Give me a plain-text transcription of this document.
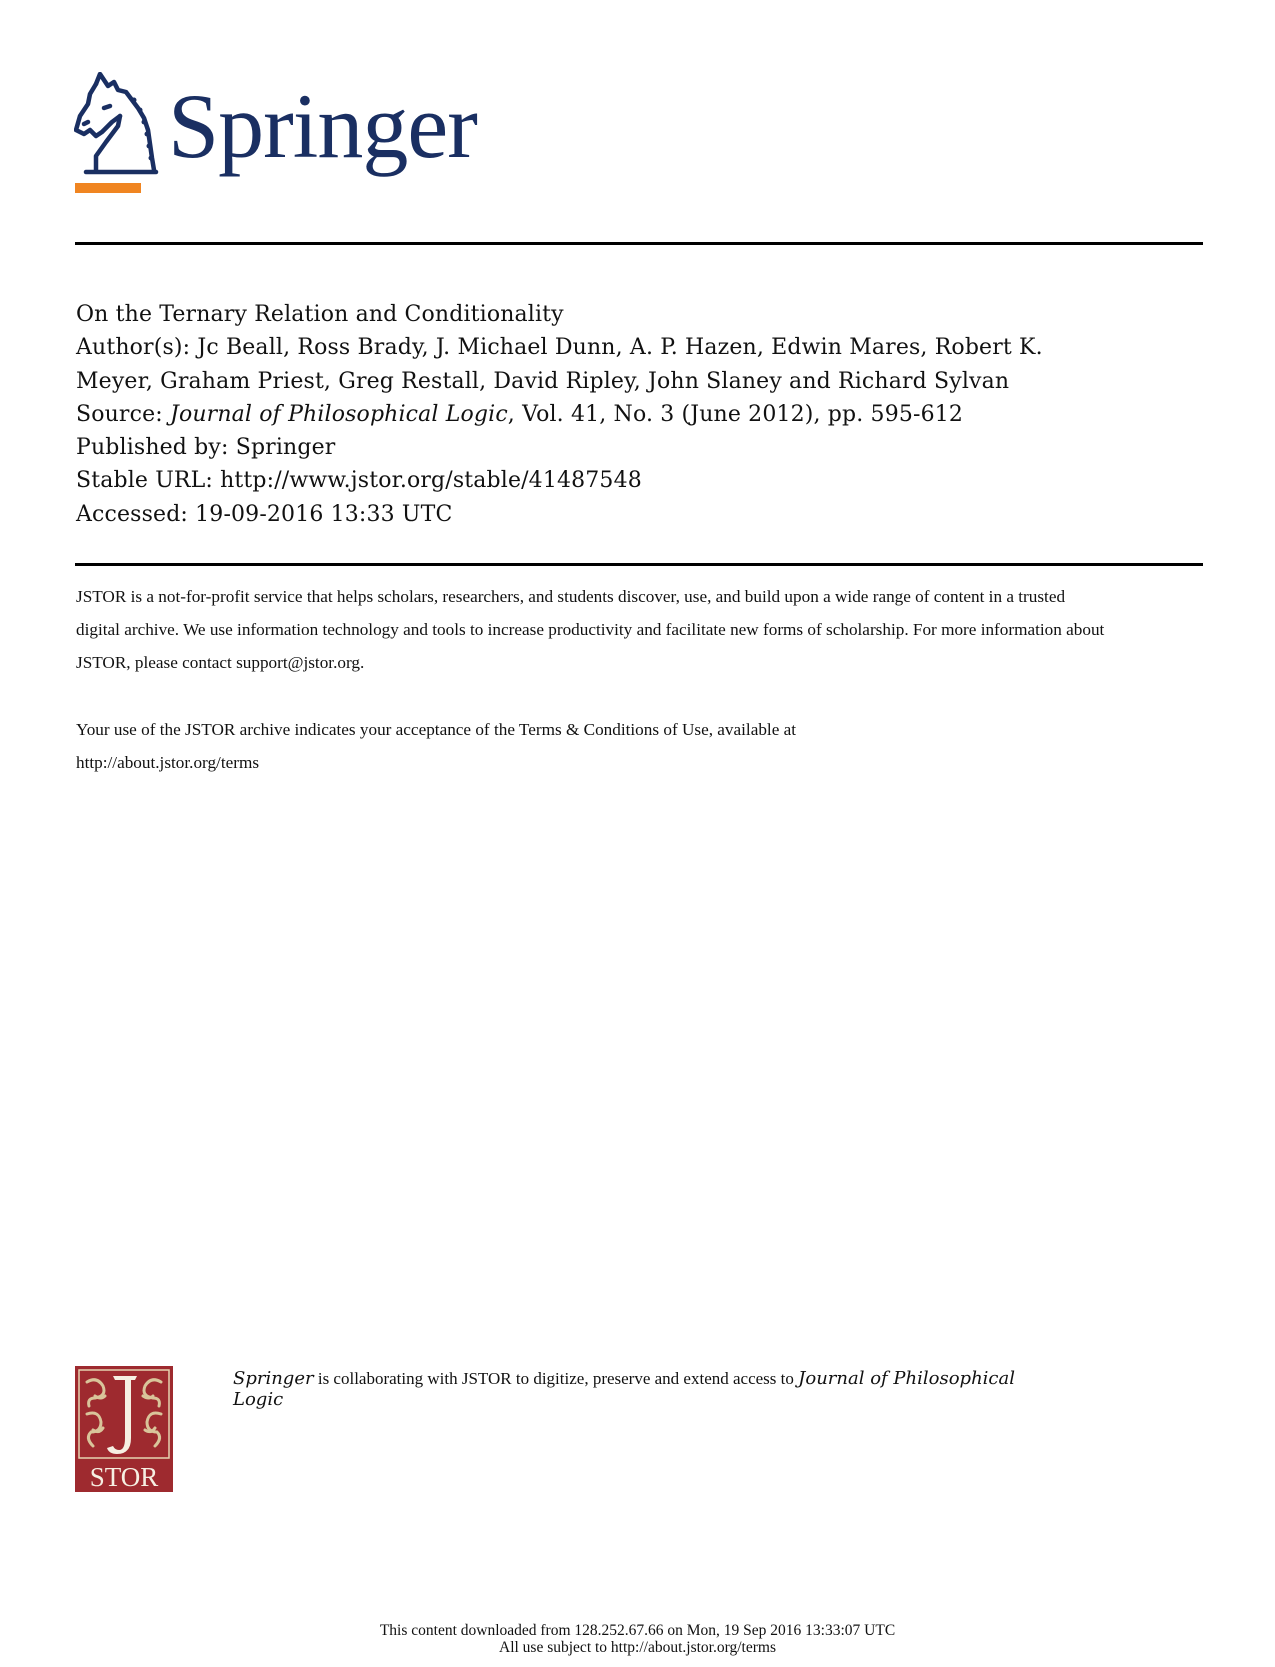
Springer
On the Ternary Relation and Conditionality
Author(s): Jc Beall, Ross Brady, J. Michael Dunn, A. P. Hazen, Edwin Mares, Robert K.
Meyer, Graham Priest, Greg Restall, David Ripley, John Slaney and Richard Sylvan
Source: Journal of Philosophical Logic, Vol. 41, No. 3 (June 2012), pp. 595-612
Published by: Springer
Stable URL: http://www.jstor.org/stable/41487548
Accessed: 19-09-2016 13:33 UTC
JSTOR is a not-for-profit service that helps scholars, researchers, and students discover, use, and build upon a wide range of content in a trusted
digital archive. We use information technology and tools to increase productivity and facilitate new forms of scholarship. For more information about
JSTOR, please contact support@jstor.org.
Your use of the JSTOR archive indicates your acceptance of the Terms & Conditions of Use, available at
http://about.jstor.org/terms
STOR
Springer is collaborating with JSTOR to digitize, preserve and extend access to Journal of Philosophical
Logic
This content downloaded from 128.252.67.66 on Mon, 19 Sep 2016 13:33:07 UTC
All use subject to http://about.jstor.org/terms
